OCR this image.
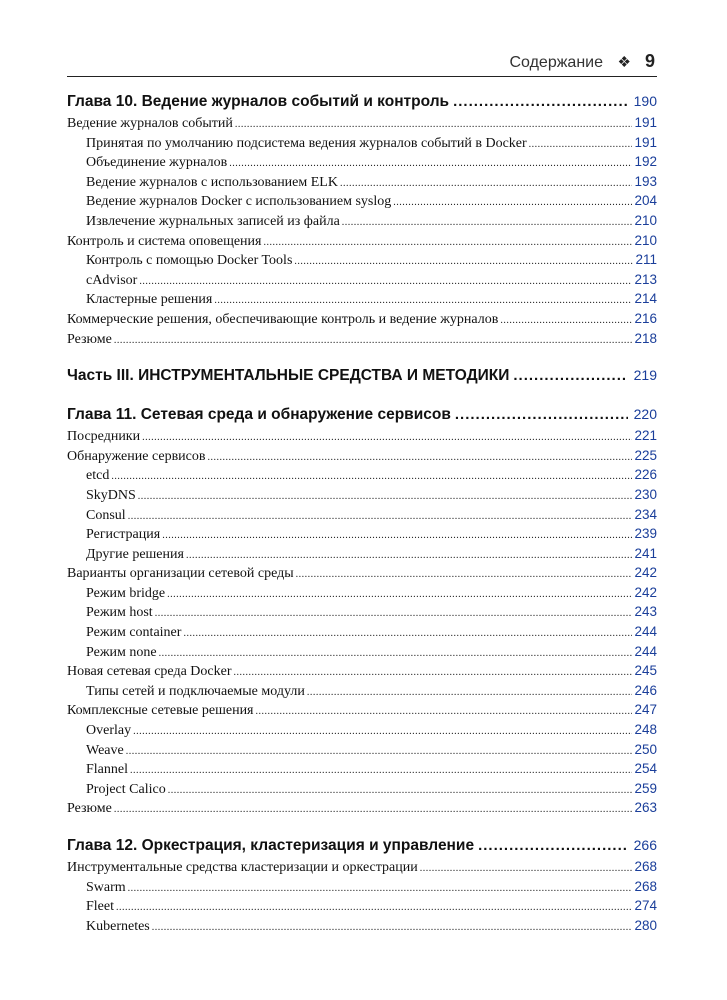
Содержание ❖ 9
Глава 10. Ведение журналов событий и контроль .....	190
Ведение журналов событий .....	191
Принятая по умолчанию подсистема ведения журналов событий в Docker .....	191
Объединение журналов .....	192
Ведение журналов с использованием ELK .....	193
Ведение журналов Docker с использованием syslog .....	204
Извлечение журнальных записей из файла .....	210
Контроль и система оповещения .....	210
Контроль с помощью Docker Tools .....	211
cAdvisor .....	213
Кластерные решения .....	214
Коммерческие решения, обеспечивающие контроль и ведение журналов .....	216
Резюме .....	218
Часть III. ИНСТРУМЕНТАЛЬНЫЕ СРЕДСТВА И МЕТОДИКИ .....	219
Глава 11. Сетевая среда и обнаружение сервисов .....	220
Посредники .....	221
Обнаружение сервисов .....	225
etcd .....	226
SkyDNS .....	230
Consul .....	234
Регистрация .....	239
Другие решения .....	241
Варианты организации сетевой среды .....	242
Режим bridge .....	242
Режим host .....	243
Режим container .....	244
Режим none .....	244
Новая сетевая среда Docker .....	245
Типы сетей и подключаемые модули .....	246
Комплексные сетевые решения .....	247
Overlay .....	248
Weave .....	250
Flannel .....	254
Project Calico .....	259
Резюме .....	263
Глава 12. Оркестрация, кластеризация и управление .....	266
Инструментальные средства кластеризации и оркестрации .....	268
Swarm .....	268
Fleet .....	274
Kubernetes .....	280
